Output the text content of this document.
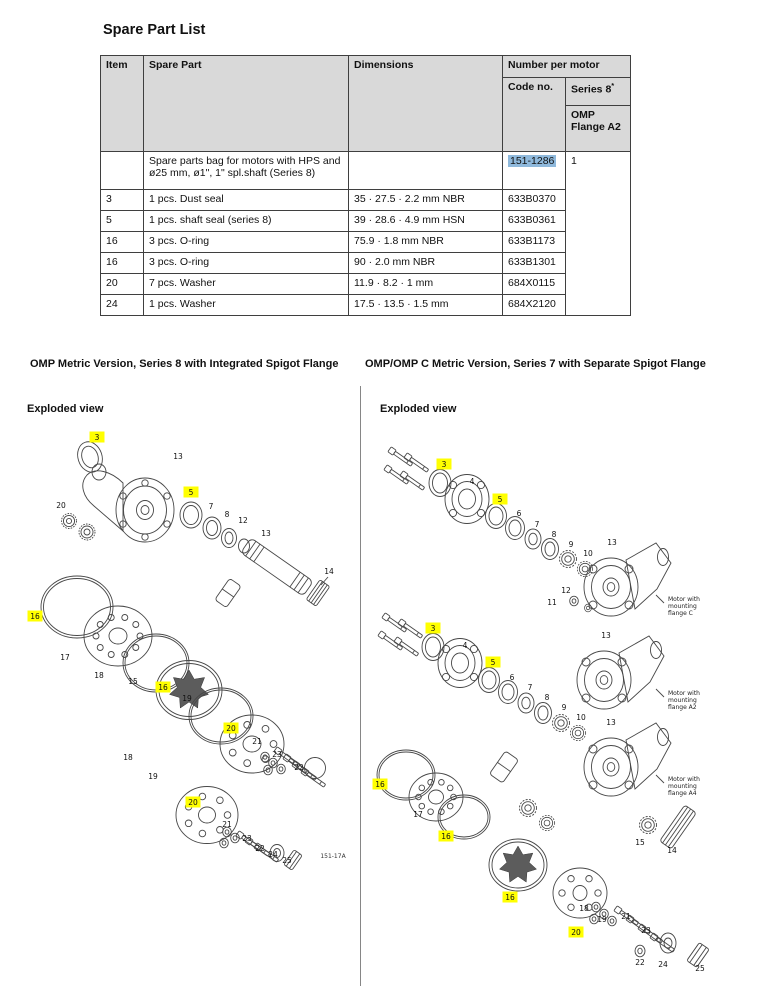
Spare Part List
Item	Spare Part	Dimensions	Number per motor	
			Code no.	Series 8*
				OMP Flange A2
	Spare parts bag for motors with HPS and ø25 mm, ø1", 1" spl.shaft (Series 8)		151-1286	1
3	1 pcs. Dust seal	35 · 27.5 · 2.2 mm NBR	633B0370	
5	1 pcs. shaft seal (series 8)	39 · 28.6 · 4.9 mm HSN	633B0361	
16	3 pcs. O-ring	75.9 · 1.8 mm NBR	633B1173	
16	3 pcs. O-ring	90 · 2.0 mm NBR	633B1301	
20	7 pcs. Washer	11.9 · 8.2 · 1 mm	684X0115	
24	1 pcs. Washer	17.5 · 13.5 · 1.5 mm	684X2120	
OMP Metric Version, Series 8 with Integrated Spigot Flange	OMP/OMP C Metric Version, Series 7 with Separate Spigot Flange
Exploded view
151-17A
3
13
20
5
7
8
12
13
14
16
17
18
15
16
19
20
21
23
22
18
19
20
21
23
22
24
25
Exploded view
3
4
5
6
7
8
9
10
13
12
11
3
4
5
6
7
8
9
10
13
13
16
17
16
16
15
14
18
19
20
21
23
22 24	25
Motor with mounting flange C
Motor with mounting flange A2
Motor with mounting flange A4
